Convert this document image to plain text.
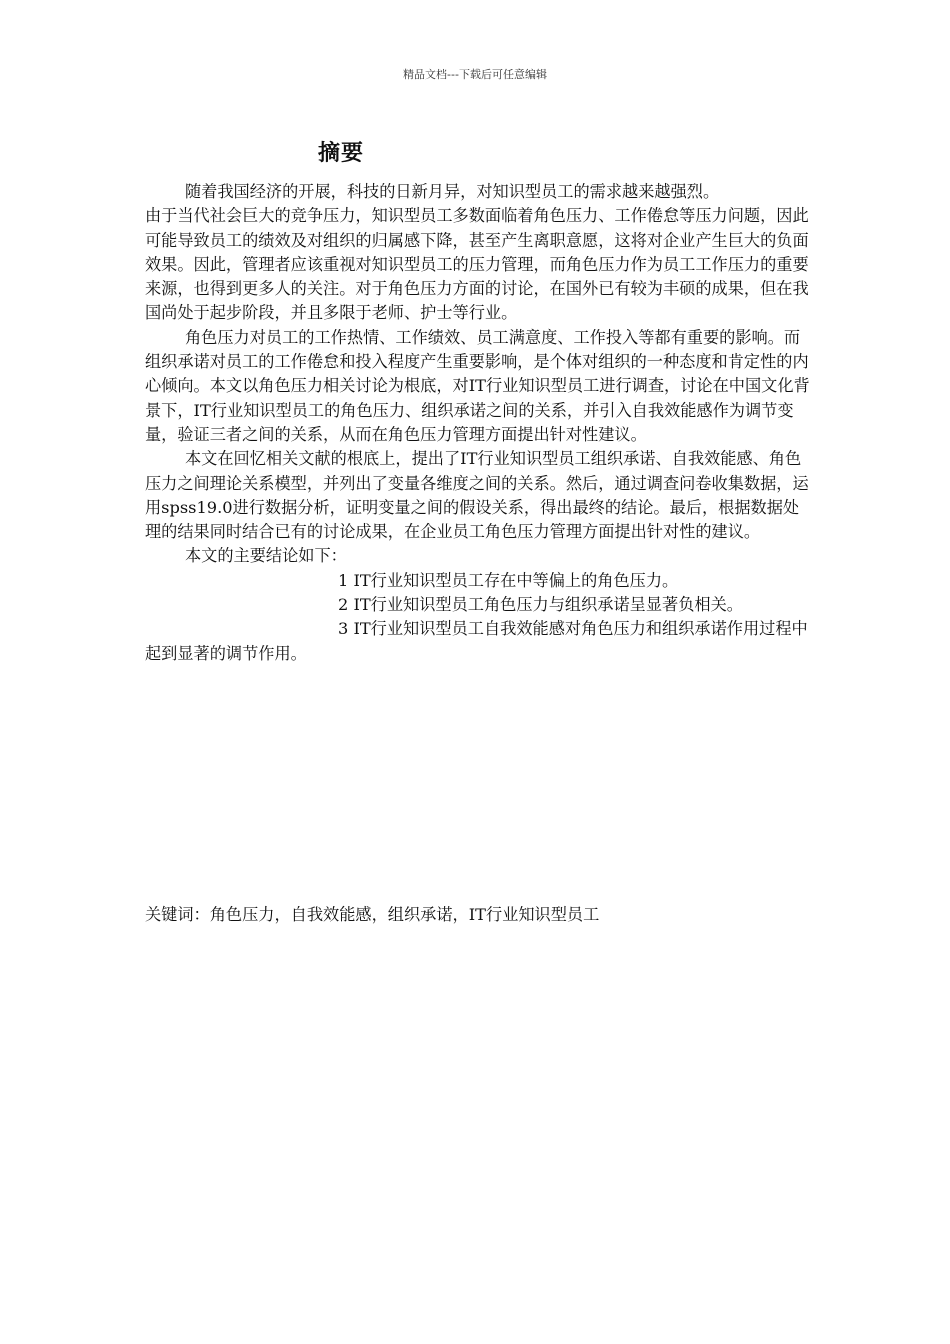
精品文档---下载后可任意编辑
摘要

随着我国经济的开展，科技的日新月异，对知识型员工的需求越来越强烈。

由于当代社会巨大的竞争压力，知识型员工多数面临着角色压力、工作倦怠等压力问题，因此可能导致员工的绩效及对组织的归属感下降，甚至产生离职意愿，这将对企业产生巨大的负面效果。因此，管理者应该重视对知识型员工的压力管理，而角色压力作为员工工作压力的重要来源，也得到更多人的关注。对于角色压力方面的讨论，在国外已有较为丰硕的成果，但在我国尚处于起步阶段，并且多限于老师、护士等行业。

角色压力对员工的工作热情、工作绩效、员工满意度、工作投入等都有重要的影响。而组织承诺对员工的工作倦怠和投入程度产生重要影响，是个体对组织的一种态度和肯定性的内心倾向。本文以角色压力相关讨论为根底，对IT行业知识型员工进行调查，讨论在中国文化背景下，IT行业知识型员工的角色压力、组织承诺之间的关系，并引入自我效能感作为调节变量，验证三者之间的关系，从而在角色压力管理方面提出针对性建议。

本文在回忆相关文献的根底上，提出了IT行业知识型员工组织承诺、自我效能感、角色压力之间理论关系模型，并列出了变量各维度之间的关系。然后，通过调查问卷收集数据，运用spss19.0进行数据分析，证明变量之间的假设关系，得出最终的结论。最后，根据数据处理的结果同时结合已有的讨论成果，在企业员工角色压力管理方面提出针对性的建议。

本文的主要结论如下：

1 IT行业知识型员工存在中等偏上的角色压力。

2 IT行业知识型员工角色压力与组织承诺呈显著负相关。

3 IT行业知识型员工自我效能感对角色压力和组织承诺作用过程中起到显著的调节作用。

关键词：角色压力，自我效能感，组织承诺，IT行业知识型员工
